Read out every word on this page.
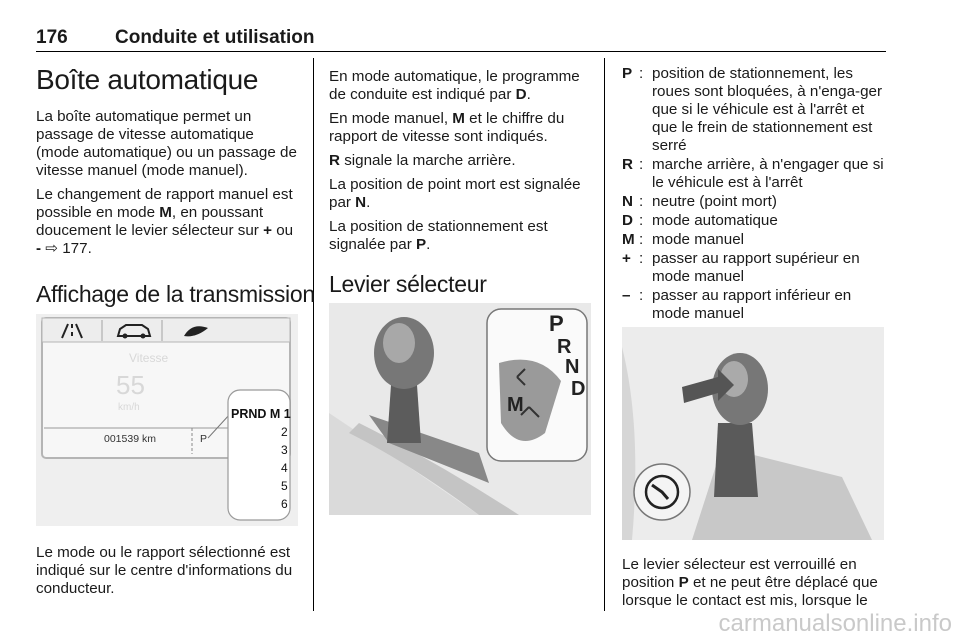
176 Conduite et utilisation
Boîte automatique

La boîte automatique permet un passage de vitesse automatique (mode automatique) ou un passage de vitesse manuel (mode manuel).

Le changement de rapport manuel est possible en mode M, en poussant doucement le levier sélecteur sur + ou - ⇨ 177.

Affichage de la transmission
Vitesse
55
km/h
001539 km	P
PRND M 1
2
3
4
5
6

Le mode ou le rapport sélectionné est indiqué sur le centre d'informations du conducteur.

En mode automatique, le programme de conduite est indiqué par D.

En mode manuel, M et le chiffre du rapport de vitesse sont indiqués.

R signale la marche arrière.

La position de point mort est signalée par N.

La position de stationnement est signalée par P.

Levier sélecteur
P
R
N
D
M
P : position de stationnement, les roues sont bloquées, à n'enga-ger que si le véhicule est à l'arrêt et que le frein de stationnement est serré
R : marche arrière, à n'engager que si le véhicule est à l'arrêt
N : neutre (point mort)
D : mode automatique
M : mode manuel
+ : passer au rapport supérieur en mode manuel
– : passer au rapport inférieur en mode manuel

Le levier sélecteur est verrouillé en position P et ne peut être déplacé que lorsque le contact est mis, lorsque le

carmanualsonline.info
